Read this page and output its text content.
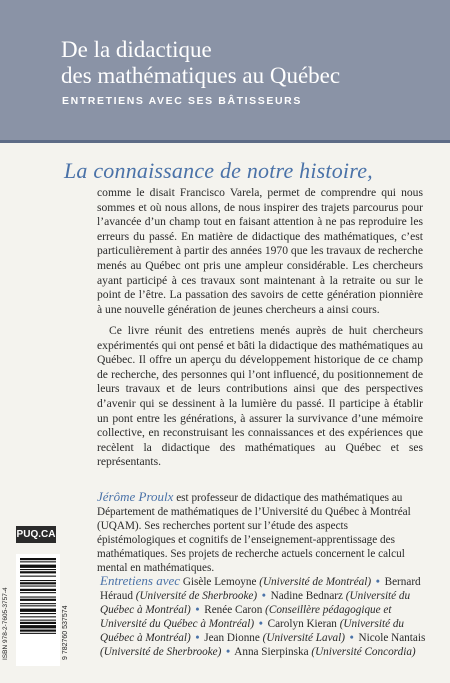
De la didactique
des mathématiques au Québec
ENTRETIENS AVEC SES BÂTISSEURS
La connaissance de notre histoire,
comme le disait Francisco Varela, permet de comprendre qui nous sommes et où nous allons, de nous inspirer des trajets parcourus pour l’avancée d’un champ tout en faisant attention à ne pas reproduire les erreurs du passé. En matière de didactique des mathématiques, c’est particulièrement à partir des années 1970 que les travaux de recherche menés au Québec ont pris une ampleur considérable. Les chercheurs ayant participé à ces travaux sont maintenant à la retraite ou sur le point de l’être. La passation des savoirs de cette génération pionnière à une nouvelle génération de jeunes chercheurs a ainsi cours.
Ce livre réunit des entretiens menés auprès de huit chercheurs expérimentés qui ont pensé et bâti la didactique des mathématiques au Québec. Il offre un aperçu du développement historique de ce champ de recherche, des personnes qui l’ont influencé, du positionnement de leurs travaux et de leurs contributions ainsi que des perspectives d’avenir qui se dessinent à la lumière du passé. Il participe à établir un pont entre les générations, à assurer la survivance d’une mémoire collective, en reconstruisant les connaissances et des expériences que recèlent la didactique des mathématiques au Québec et ses représentants.
Jérôme Proulx est professeur de didactique des mathématiques au Département de mathématiques de l’Université du Québec à Montréal (UQAM). Ses recherches portent sur l’étude des aspects épistémologiques et cognitifs de l’enseignement-apprentissage des mathématiques. Ses projets de recherche actuels concernent le calcul mental en mathématiques.
Entretiens avec Gisèle Lemoyne (Université de Montréal) • Bernard Héraud (Université de Sherbrooke) • Nadine Bednarz (Université du Québec à Montréal) • Renée Caron (Conseillère pédagogique et Université du Québec à Montréal) • Carolyn Kieran (Université du Québec à Montréal) • Jean Dionne (Université Laval) • Nicole Nantais (Université de Sherbrooke) • Anna Sierpinska (Université Concordia)
PUQ.CA
ISBN 978-2-7605-3757-4	9 782760 537574
